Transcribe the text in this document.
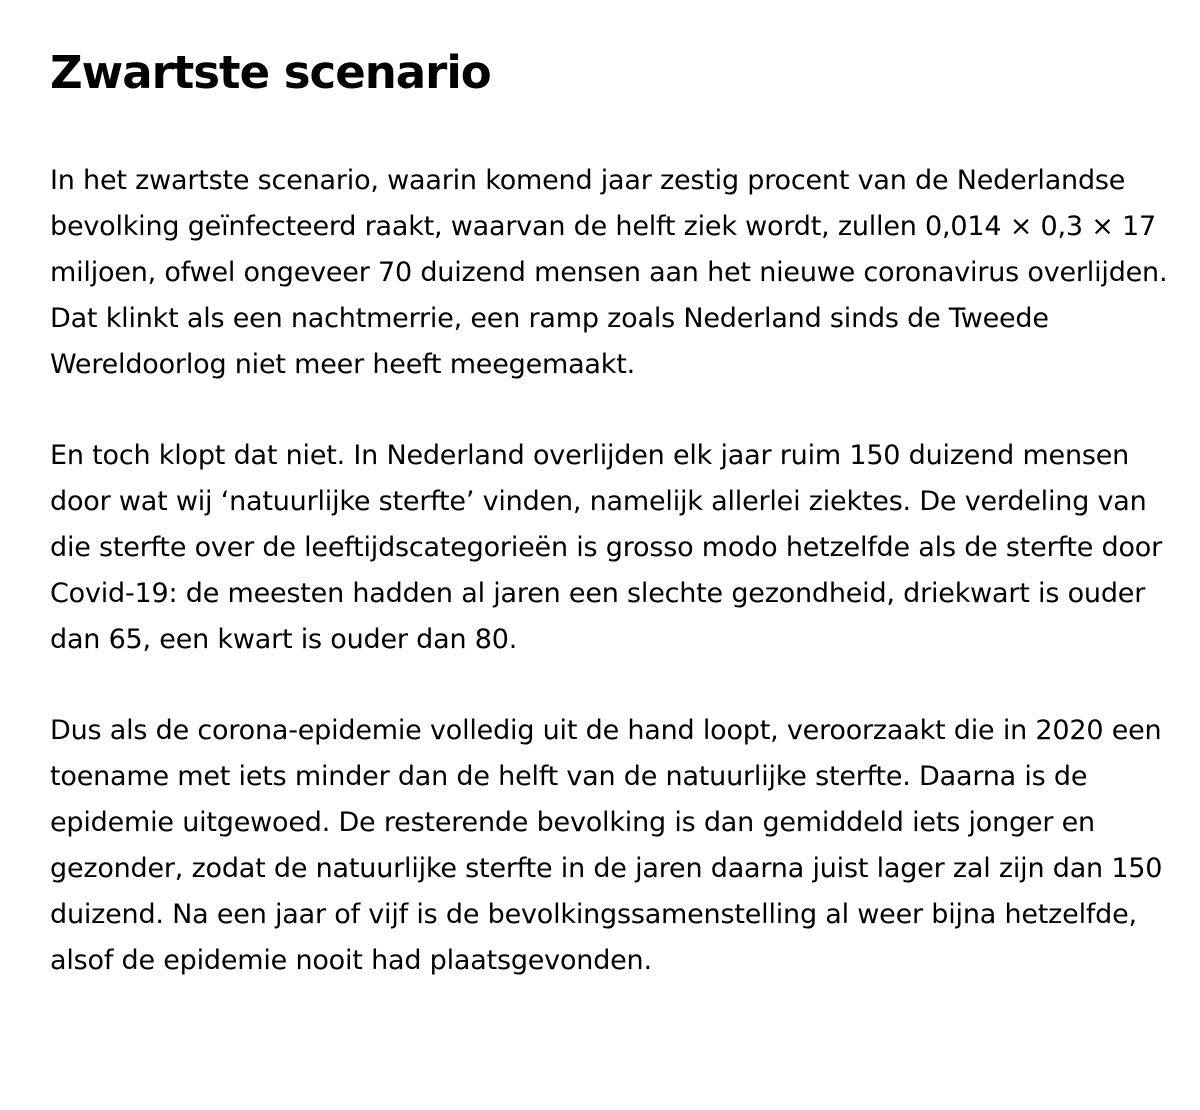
Zwartste scenario

In het zwartste scenario, waarin komend jaar zestig procent van de Nederlandse bevolking geïnfecteerd raakt, waarvan de helft ziek wordt, zullen 0,014 × 0,3 × 17 miljoen, ofwel ongeveer 70 duizend mensen aan het nieuwe coronavirus overlijden. Dat klinkt als een nachtmerrie, een ramp zoals Nederland sinds de Tweede Wereldoorlog niet meer heeft meegemaakt.

En toch klopt dat niet. In Nederland overlijden elk jaar ruim 150 duizend mensen door wat wij ‘natuurlijke sterfte’ vinden, namelijk allerlei ziektes. De verdeling van die sterfte over de leeftijdscategorieën is grosso modo hetzelfde als de sterfte door Covid-19: de meesten hadden al jaren een slechte gezondheid, driekwart is ouder dan 65, een kwart is ouder dan 80.

Dus als de corona-epidemie volledig uit de hand loopt, veroorzaakt die in 2020 een toename met iets minder dan de helft van de natuurlijke sterfte. Daarna is de epidemie uitgewoed. De resterende bevolking is dan gemiddeld iets jonger en gezonder, zodat de natuurlijke sterfte in de jaren daarna juist lager zal zijn dan 150 duizend. Na een jaar of vijf is de bevolkingssamenstelling al weer bijna hetzelfde, alsof de epidemie nooit had plaatsgevonden.
